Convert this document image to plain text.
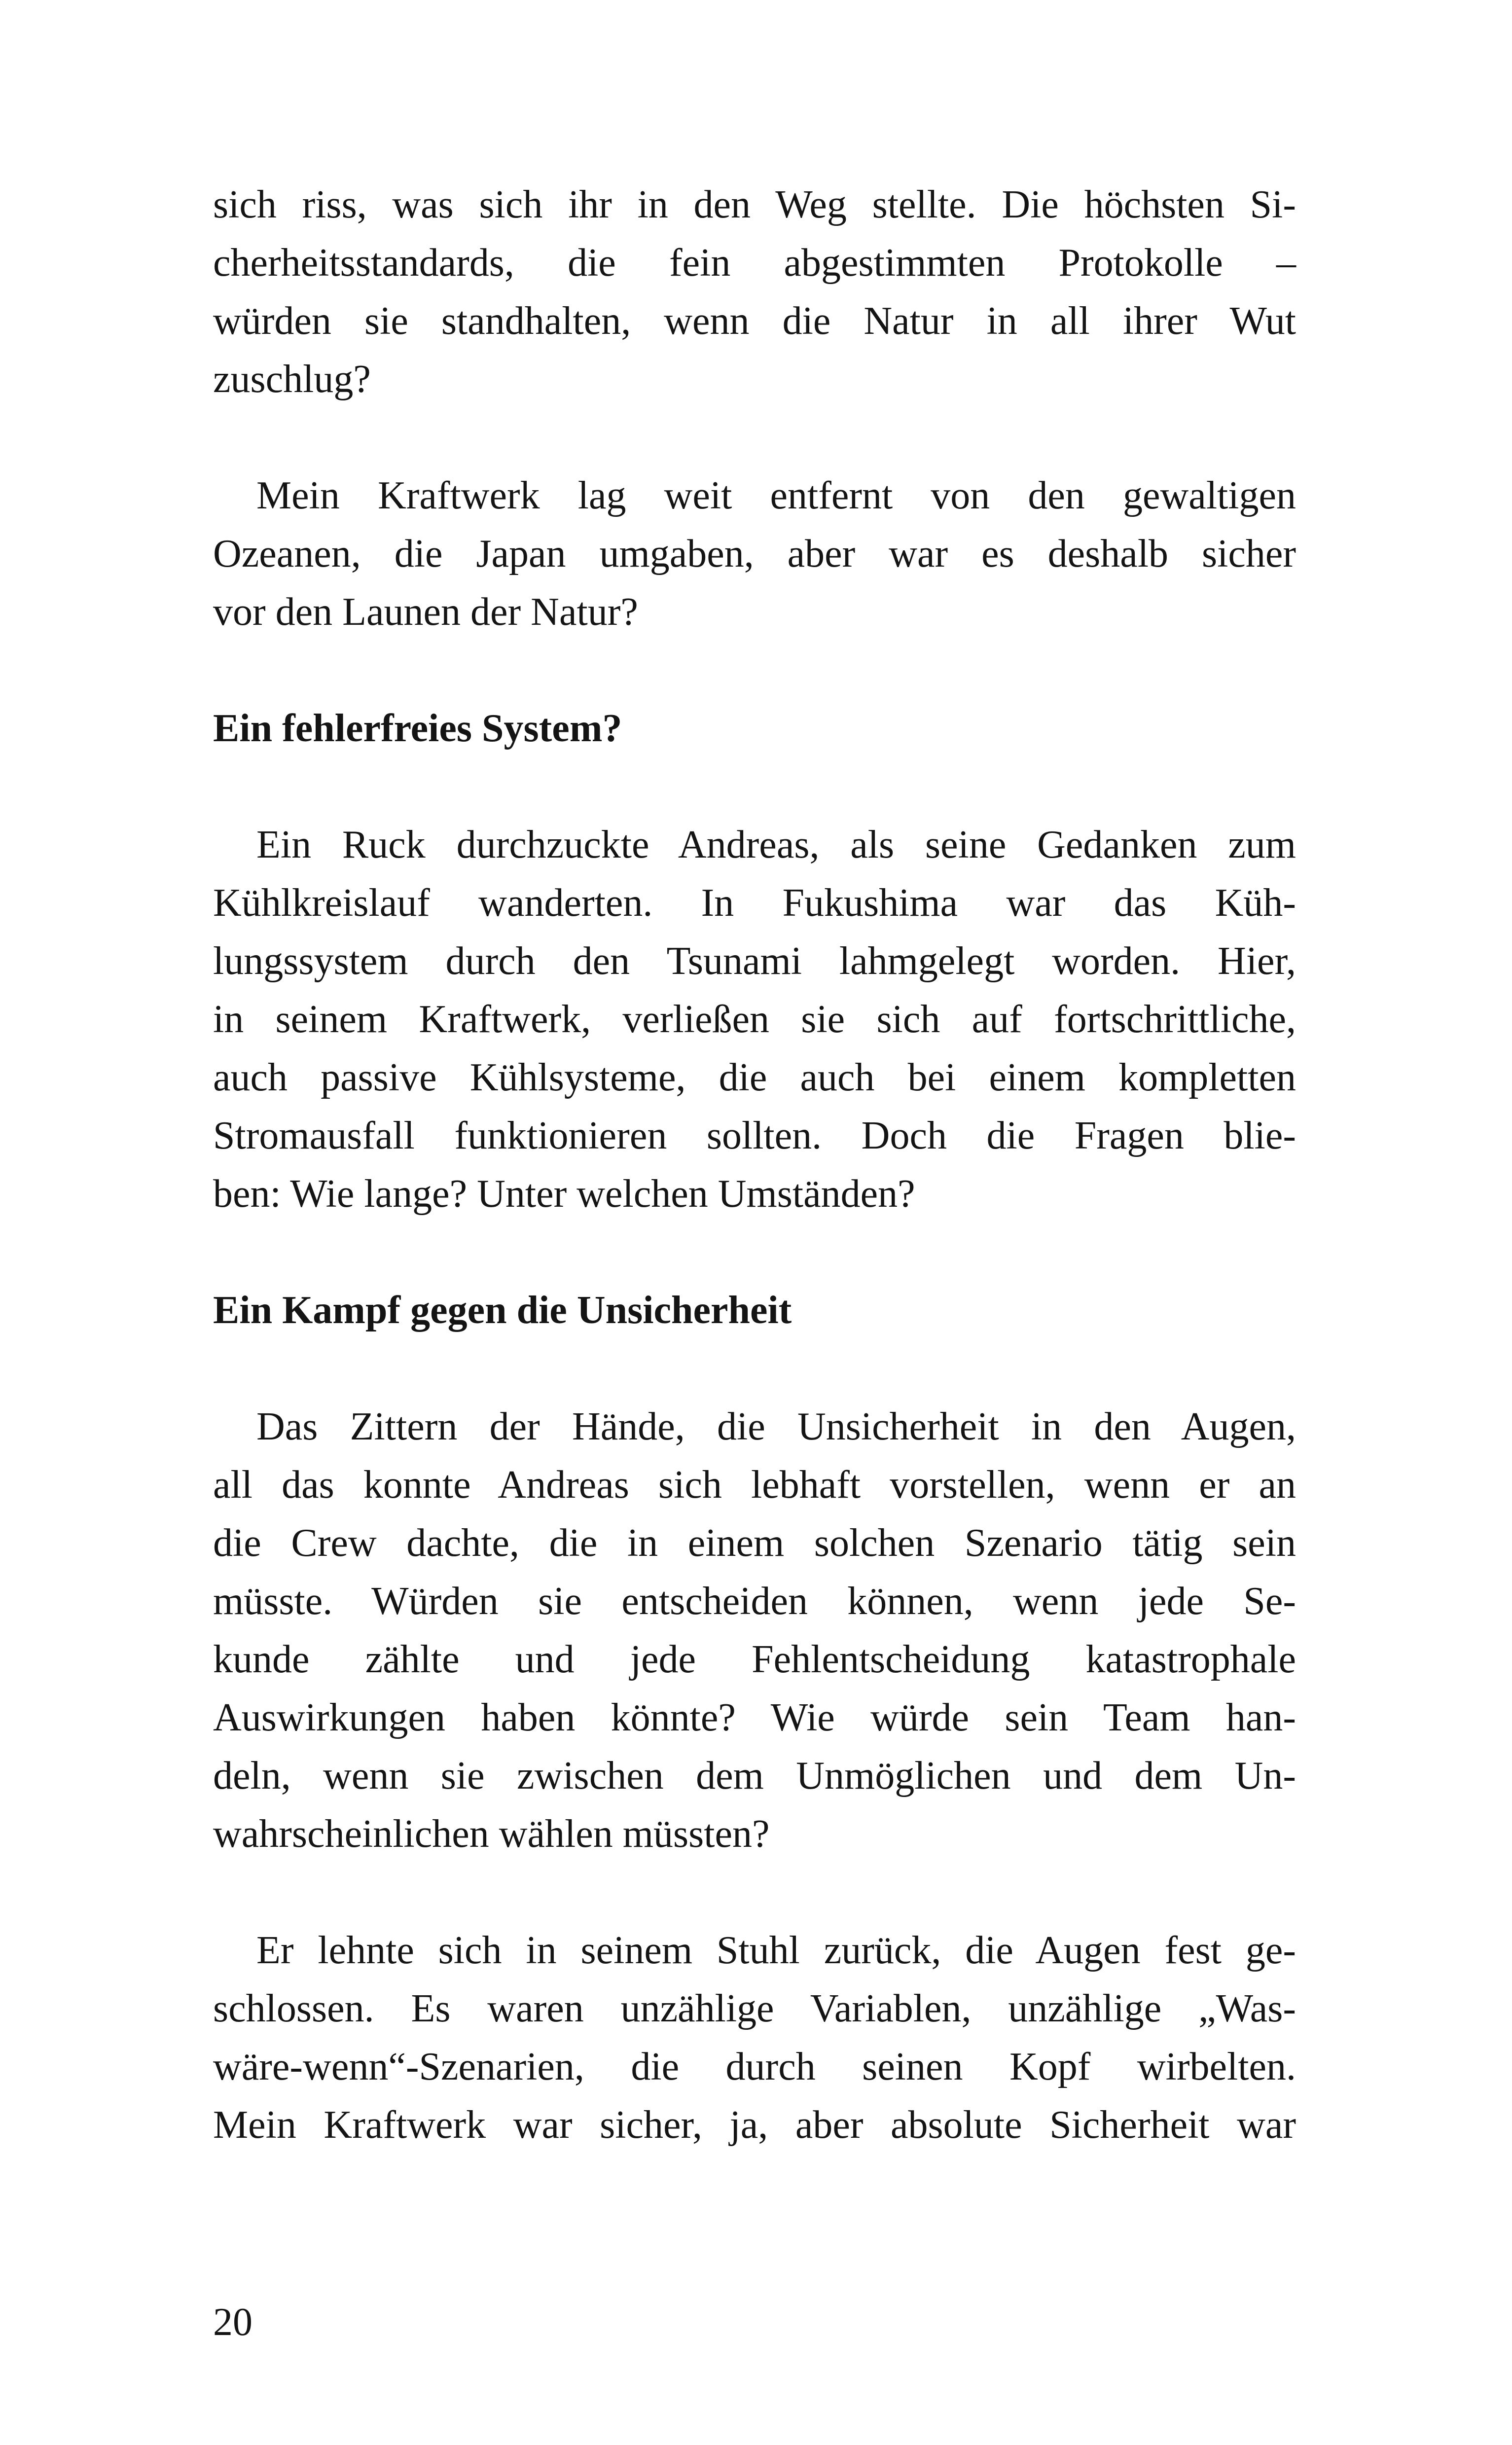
sich riss, was sich ihr in den Weg stellte. Die höchsten Si-
cherheitsstandards, die fein abgestimmten Protokolle –
würden sie standhalten, wenn die Natur in all ihrer Wut
zuschlug?
Mein Kraftwerk lag weit entfernt von den gewaltigen
Ozeanen, die Japan umgaben, aber war es deshalb sicher
vor den Launen der Natur?
Ein fehlerfreies System?
Ein Ruck durchzuckte Andreas, als seine Gedanken zum
Kühlkreislauf wanderten. In Fukushima war das Küh-
lungssystem durch den Tsunami lahmgelegt worden. Hier,
in seinem Kraftwerk, verließen sie sich auf fortschrittliche,
auch passive Kühlsysteme, die auch bei einem kompletten
Stromausfall funktionieren sollten. Doch die Fragen blie-
ben: Wie lange? Unter welchen Umständen?
Ein Kampf gegen die Unsicherheit
Das Zittern der Hände, die Unsicherheit in den Augen,
all das konnte Andreas sich lebhaft vorstellen, wenn er an
die Crew dachte, die in einem solchen Szenario tätig sein
müsste. Würden sie entscheiden können, wenn jede Se-
kunde zählte und jede Fehlentscheidung katastrophale
Auswirkungen haben könnte? Wie würde sein Team han-
deln, wenn sie zwischen dem Unmöglichen und dem Un-
wahrscheinlichen wählen müssten?
Er lehnte sich in seinem Stuhl zurück, die Augen fest ge-
schlossen. Es waren unzählige Variablen, unzählige „Was-
wäre-wenn“-Szenarien, die durch seinen Kopf wirbelten.
Mein Kraftwerk war sicher, ja, aber absolute Sicherheit war
20
